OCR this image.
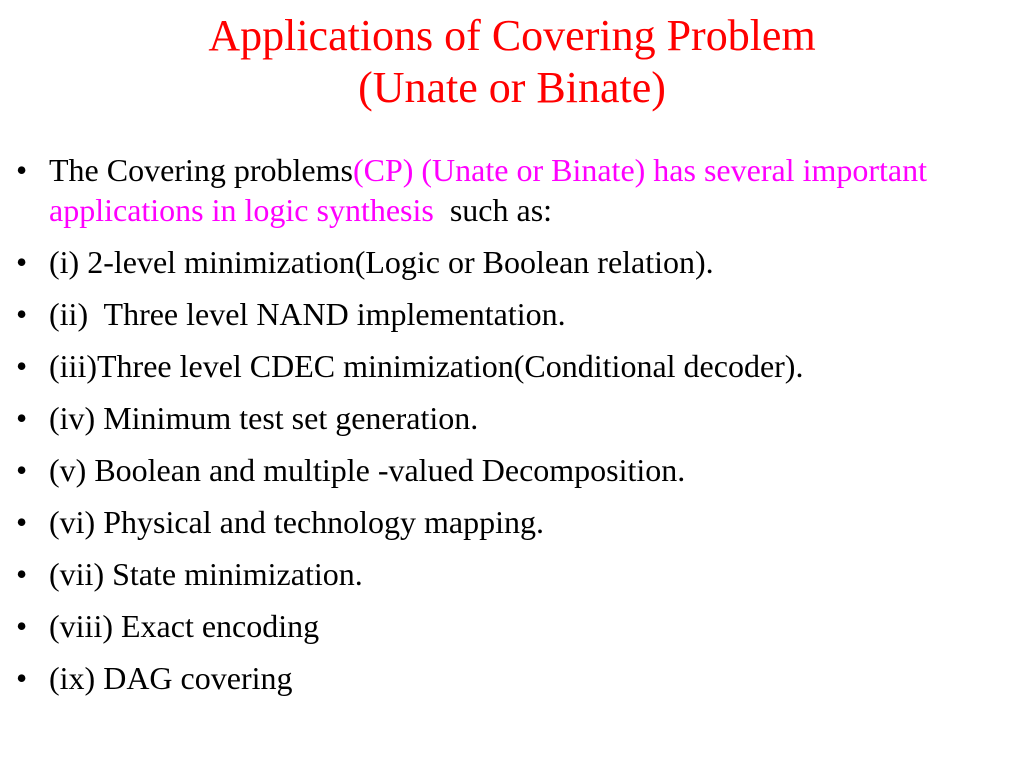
Applications of Covering Problem
(Unate or Binate)
• The Covering problems(CP) (Unate or Binate) has several important applications in logic synthesis  such as:
• (i) 2-level minimization(Logic or Boolean relation).
• (ii)  Three level NAND implementation.
• (iii)Three level CDEC minimization(Conditional decoder).
• (iv) Minimum test set generation.
• (v) Boolean and multiple -valued Decomposition.
• (vi) Physical and technology mapping.
• (vii) State minimization.
• (viii) Exact encoding
• (ix) DAG covering
